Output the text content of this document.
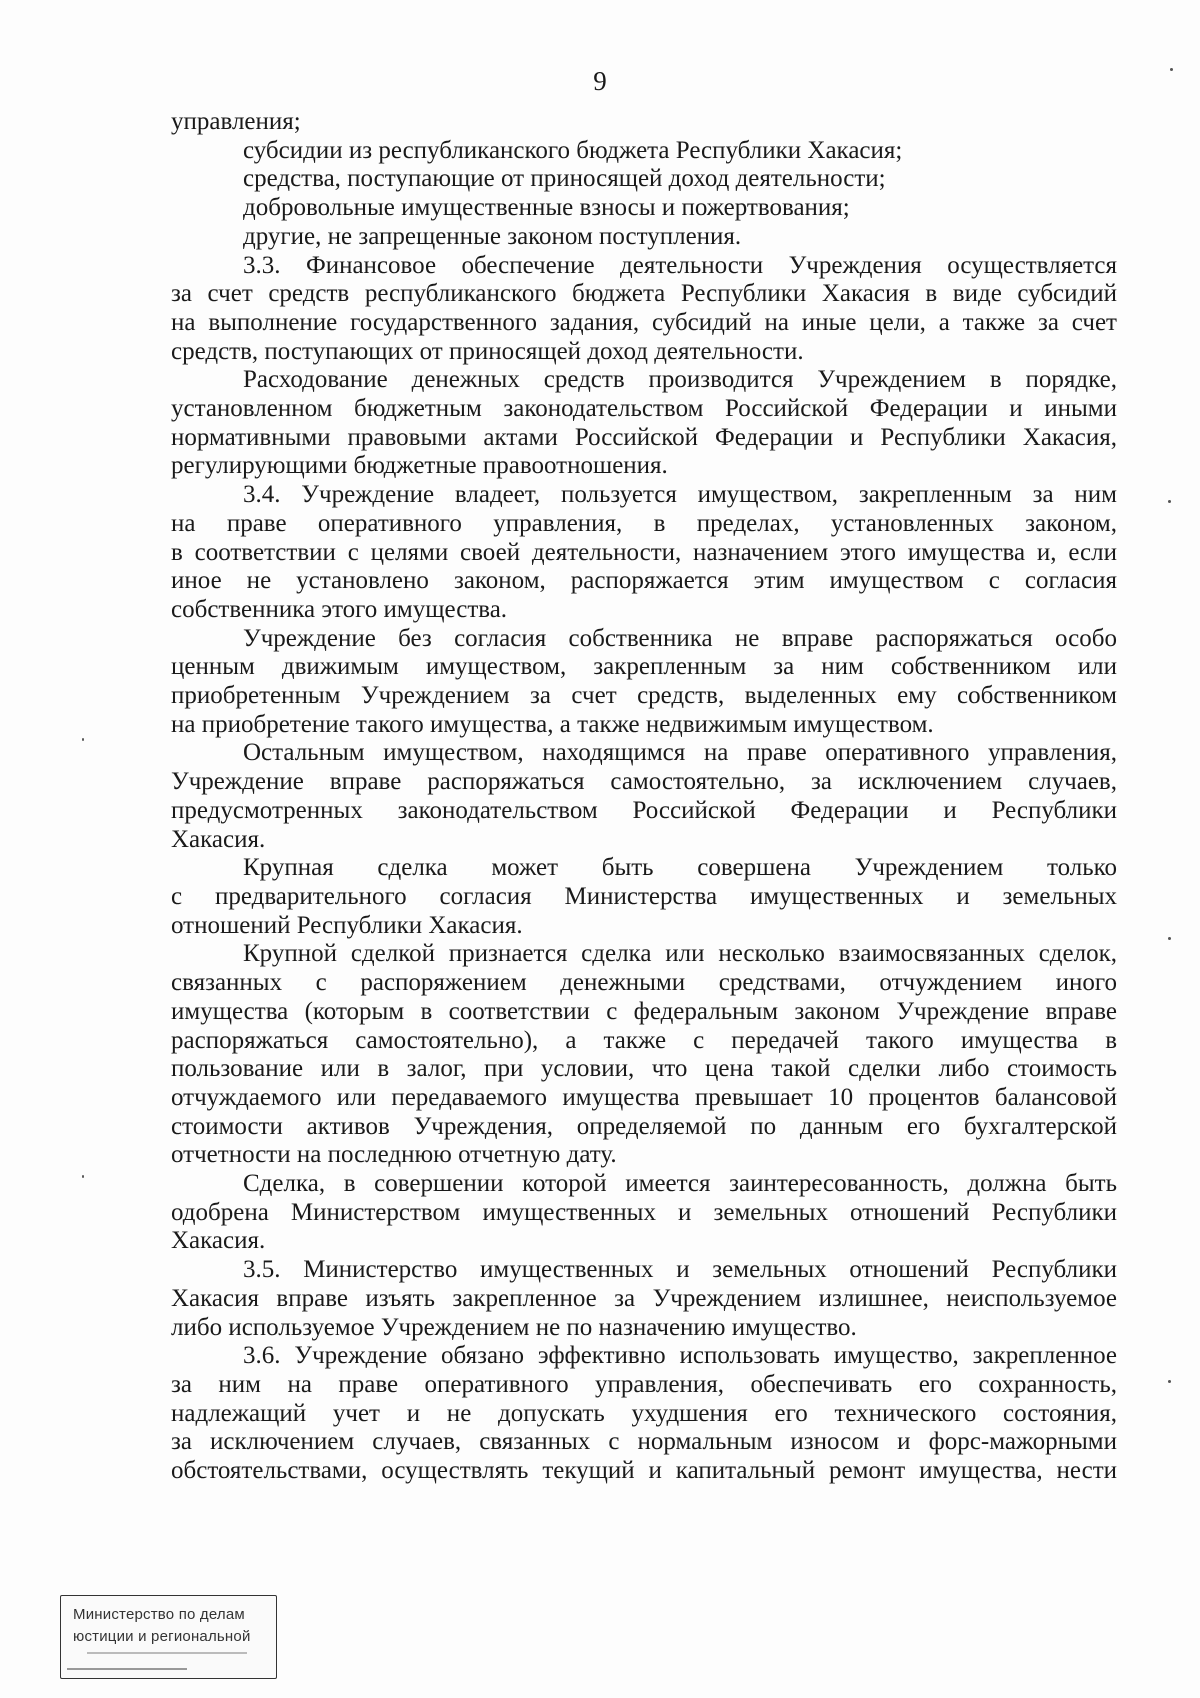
9
управления;
субсидии из республиканского бюджета Республики Хакасия;
средства, поступающие от приносящей доход деятельности;
добровольные имущественные взносы и пожертвования;
другие, не запрещенные законом поступления.
3.3. Финансовое обеспечение деятельности Учреждения осуществляется
за счет средств республиканского бюджета Республики Хакасия в виде субсидий
на выполнение государственного задания, субсидий на иные цели, а также за счет
средств, поступающих от приносящей доход деятельности.
Расходование денежных средств производится Учреждением в порядке,
установленном бюджетным законодательством Российской Федерации и иными
нормативными правовыми актами Российской Федерации и Республики Хакасия,
регулирующими бюджетные правоотношения.
3.4. Учреждение владеет, пользуется имуществом, закрепленным за ним
на праве оперативного управления, в пределах, установленных законом,
в соответствии с целями своей деятельности, назначением этого имущества и, если
иное не установлено законом, распоряжается этим имуществом с согласия
собственника этого имущества.
Учреждение без согласия собственника не вправе распоряжаться особо
ценным движимым имуществом, закрепленным за ним собственником или
приобретенным Учреждением за счет средств, выделенных ему собственником
на приобретение такого имущества, а также недвижимым имуществом.
Остальным имуществом, находящимся на праве оперативного управления,
Учреждение вправе распоряжаться самостоятельно, за исключением случаев,
предусмотренных законодательством Российской Федерации и Республики
Хакасия.
Крупная сделка может быть совершена Учреждением только
с предварительного согласия Министерства имущественных и земельных
отношений Республики Хакасия.
Крупной сделкой признается сделка или несколько взаимосвязанных сделок,
связанных с распоряжением денежными средствами, отчуждением иного
имущества (которым в соответствии с федеральным законом Учреждение вправе
распоряжаться самостоятельно), а также с передачей такого имущества в
пользование или в залог, при условии, что цена такой сделки либо стоимость
отчуждаемого или передаваемого имущества превышает 10 процентов балансовой
стоимости активов Учреждения, определяемой по данным его бухгалтерской
отчетности на последнюю отчетную дату.
Сделка, в совершении которой имеется заинтересованность, должна быть
одобрена Министерством имущественных и земельных отношений Республики
Хакасия.
3.5. Министерство имущественных и земельных отношений Республики
Хакасия вправе изъять закрепленное за Учреждением излишнее, неиспользуемое
либо используемое Учреждением не по назначению имущество.
3.6. Учреждение обязано эффективно использовать имущество, закрепленное
за ним на праве оперативного управления, обеспечивать его сохранность,
надлежащий учет и не допускать ухудшения его технического состояния,
за исключением случаев, связанных с нормальным износом и форс-мажорными
обстоятельствами, осуществлять текущий и капитальный ремонт имущества, нести
Министерство по делам
юстиции и региональной
